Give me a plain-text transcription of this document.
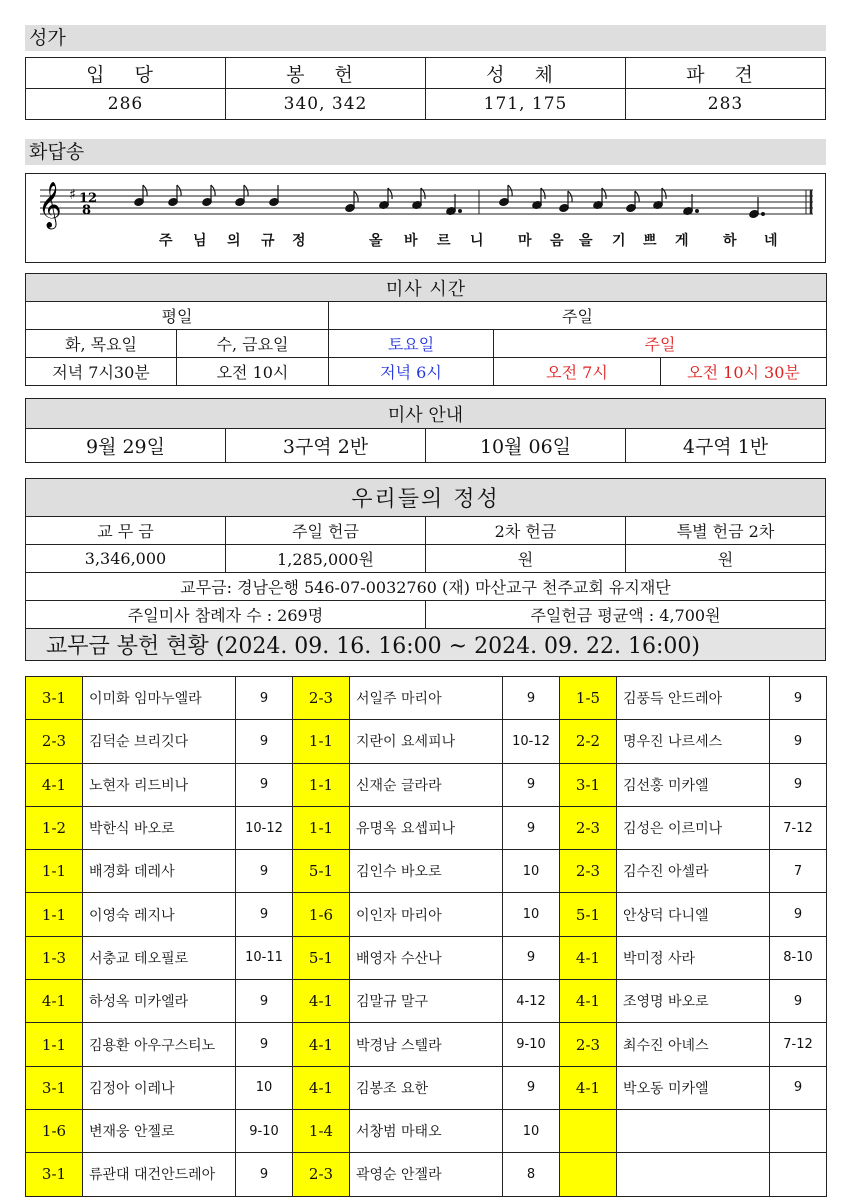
성가
입 당	봉 헌	성 체	파 견
286	340, 342	171, 175	283
화답송
𝄞 ♯ 12
8
주 님 의 규 정	올 바 르 니 마 음 을 기 쁘 게 하 네
미사 시간				
평일		주일		
화, 목요일	수, 금요일	토요일	주일	
저녁 7시30분	오전 10시	저녁 6시	오전 7시	오전 10시 30분
미사 안내
9월 29일	3구역 2반	10월 06일	4구역 1반
우리들의 정성			
교 무 금	주일 헌금	2차 헌금	특별 헌금 2차
3,346,000	1,285,000원	원	원
교무금: 경남은행 546-07-0032760 (재) 마산교구 천주교회 유지재단			
주일미사 참례자 수 : 269명		주일헌금 평균액 : 4,700원	
교무금 봉헌 현황 (2024. 09. 16. 16:00 ~ 2024. 09. 22. 16:00)			
3-1	이미화 임마누엘라	9	2-3	서일주 마리아	9	1-5	김풍득 안드레아	9
2-3	김덕순 브리깃다	9	1-1	지란이 요세피나	10-12	2-2	명우진 나르세스	9
4-1	노현자 리드비나	9	1-1	신재순 글라라	9	3-1	김선홍 미카엘	9
1-2	박한식 바오로	10-12	1-1	유명옥 요셉피나	9	2-3	김성은 이르미나	7-12
1-1	배경화 데레사	9	5-1	김인수 바오로	10	2-3	김수진 아셀라	7
1-1	이영숙 레지나	9	1-6	이인자 마리아	10	5-1	안상덕 다니엘	9
1-3	서충교 테오필로	10-11	5-1	배영자 수산나	9	4-1	박미정 사라	8-10
4-1	하성옥 미카엘라	9	4-1	김말규 말구	4-12	4-1	조영명 바오로	9
1-1	김용환 아우구스티노	9	4-1	박경남 스텔라	9-10	2-3	최수진 아녜스	7-12
3-1	김정아 이레나	10	4-1	김봉조 요한	9	4-1	박오동 미카엘	9
1-6	변재웅 안젤로	9-10	1-4	서창범 마태오	10			
3-1	류관대 대건안드레아	9	2-3	곽영순 안젤라	8			
